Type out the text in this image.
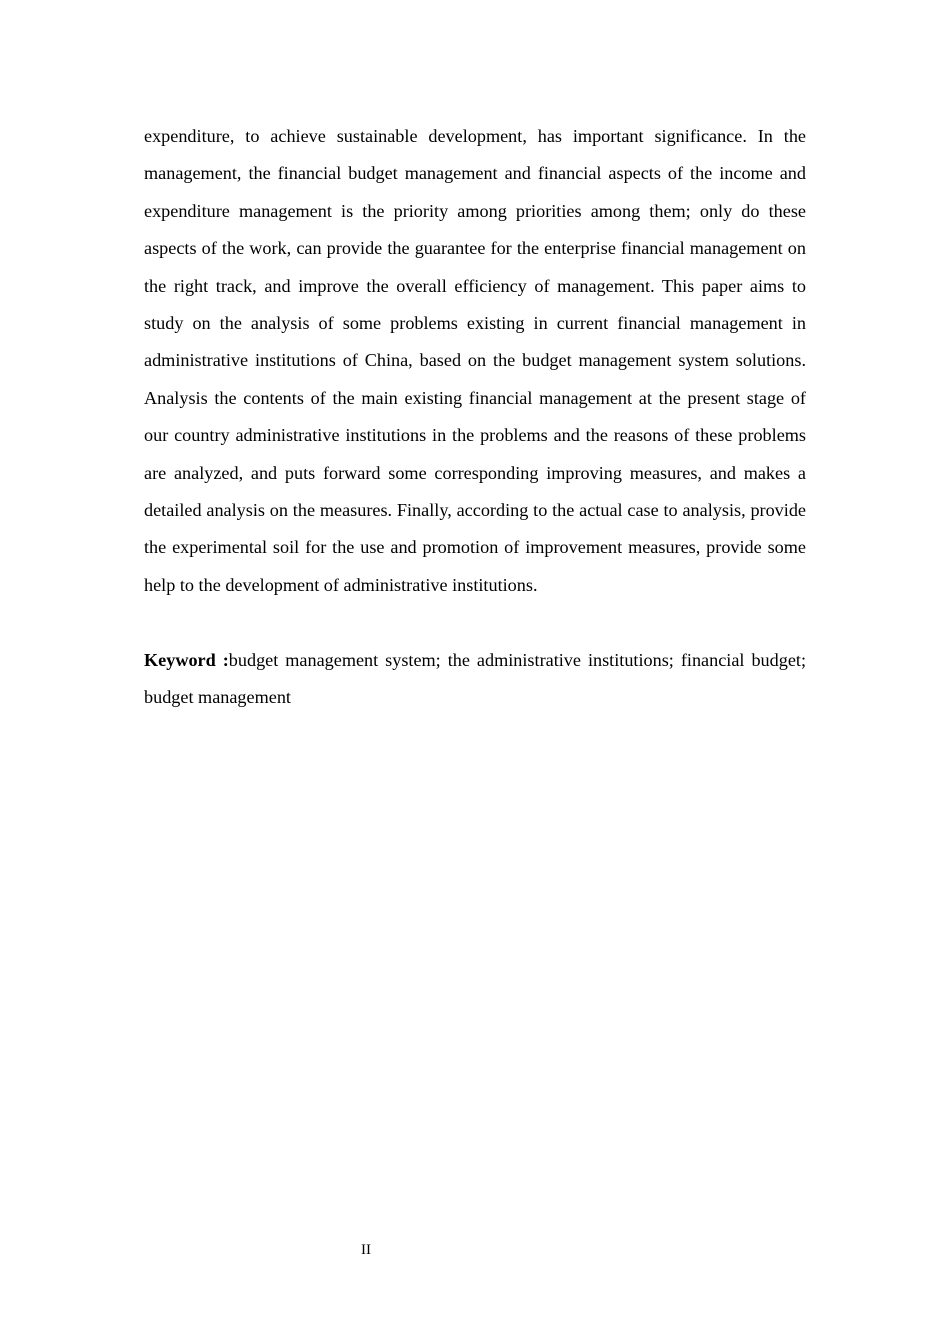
expenditure, to achieve sustainable development, has important significance. In the management, the financial budget management and financial aspects of the income and expenditure management is the priority among priorities among them; only do these aspects of the work, can provide the guarantee for the enterprise financial management on the right track, and improve the overall efficiency of management. This paper aims to study on the analysis of some problems existing in current financial management in administrative institutions of China, based on the budget management system solutions. Analysis the contents of the main existing financial management at the present stage of our country administrative institutions in the problems and the reasons of these problems are analyzed, and puts forward some corresponding improving measures, and makes a detailed analysis on the measures. Finally, according to the actual case to analysis, provide the experimental soil for the use and promotion of improvement measures, provide some help to the development of administrative institutions.

Keyword :budget management system; the administrative institutions; financial budget; budget management

II
